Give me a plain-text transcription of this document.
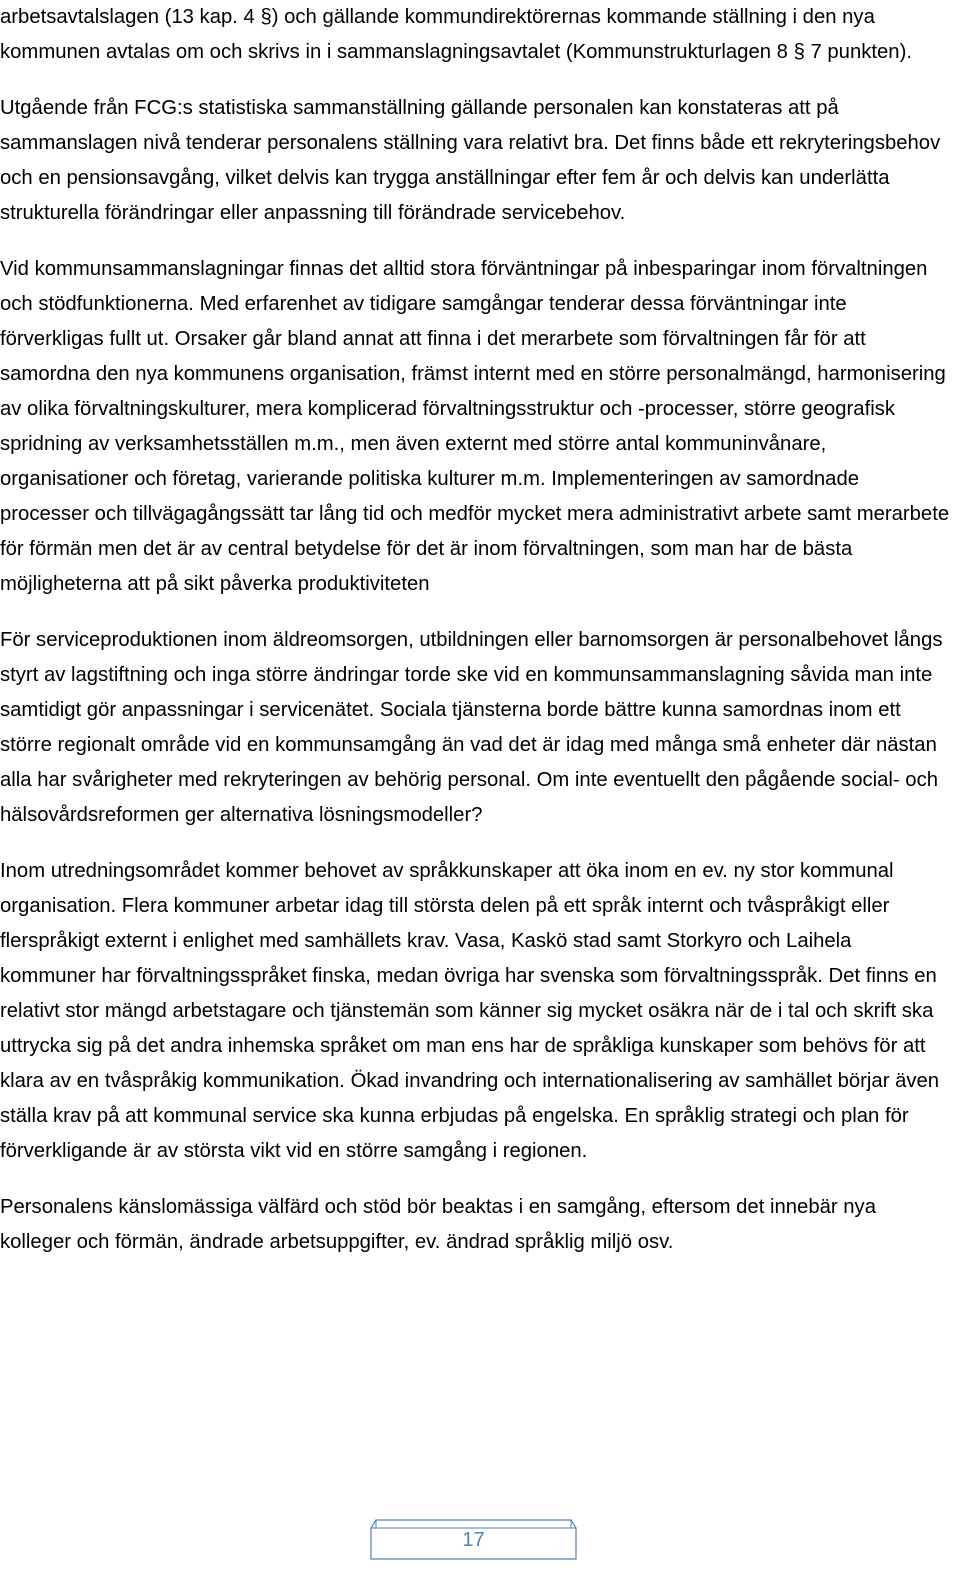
arbetsavtalslagen (13 kap. 4 §) och gällande kommundirektörernas kommande ställning i den nya kommunen avtalas om och skrivs in i sammanslagningsavtalet (Kommunstrukturlagen 8 § 7 punkten).

Utgående från FCG:s statistiska sammanställning gällande personalen kan konstateras att på sammanslagen nivå tenderar personalens ställning vara relativt bra. Det finns både ett rekryteringsbehov och en pensionsavgång, vilket delvis kan trygga anställningar efter fem år och delvis kan underlätta strukturella förändringar eller anpassning till förändrade servicebehov.

Vid kommunsammanslagningar finnas det alltid stora förväntningar på inbesparingar inom förvaltningen och stödfunktionerna. Med erfarenhet av tidigare samgångar tenderar dessa förväntningar inte förverkligas fullt ut. Orsaker går bland annat att finna i det merarbete som förvaltningen får för att samordna den nya kommunens organisation, främst internt med en större personalmängd, harmonisering av olika förvaltningskulturer, mera komplicerad förvaltningsstruktur och -processer, större geografisk spridning av verksamhetsställen m.m., men även externt med större antal kommuninvånare, organisationer och företag, varierande politiska kulturer m.m. Implementeringen av samordnade processer och tillvägagångssätt tar lång tid och medför mycket mera administrativt arbete samt merarbete för förmän men det är av central betydelse för det är inom förvaltningen, som man har de bästa möjligheterna att på sikt påverka produktiviteten

För serviceproduktionen inom äldreomsorgen, utbildningen eller barnomsorgen är personalbehovet långs styrt av lagstiftning och inga större ändringar torde ske vid en kommunsammanslagning såvida man inte samtidigt gör anpassningar i servicenätet. Sociala tjänsterna borde bättre kunna samordnas inom ett större regionalt område vid en kommunsamgång än vad det är idag med många små enheter där nästan alla har svårigheter med rekryteringen av behörig personal. Om inte eventuellt den pågående social- och hälsovårdsreformen ger alternativa lösningsmodeller?

Inom utredningsområdet kommer behovet av språkkunskaper att öka inom en ev. ny stor kommunal organisation. Flera kommuner arbetar idag till största delen på ett språk internt och tvåspråkigt eller flerspråkigt externt i enlighet med samhällets krav. Vasa, Kaskö stad samt Storkyro och Laihela kommuner har förvaltningsspråket finska, medan övriga har svenska som förvaltningsspråk. Det finns en relativt stor mängd arbetstagare och tjänstemän som känner sig mycket osäkra när de i tal och skrift ska uttrycka sig på det andra inhemska språket om man ens har de språkliga kunskaper som behövs för att klara av en tvåspråkig kommunikation. Ökad invandring och internationalisering av samhället börjar även ställa krav på att kommunal service ska kunna erbjudas på engelska. En språklig strategi och plan för förverkligande är av största vikt vid en större samgång i regionen.

Personalens känslomässiga välfärd och stöd bör beaktas i en samgång, eftersom det innebär nya kolleger och förmän, ändrade arbetsuppgifter, ev. ändrad språklig miljö osv.

17
